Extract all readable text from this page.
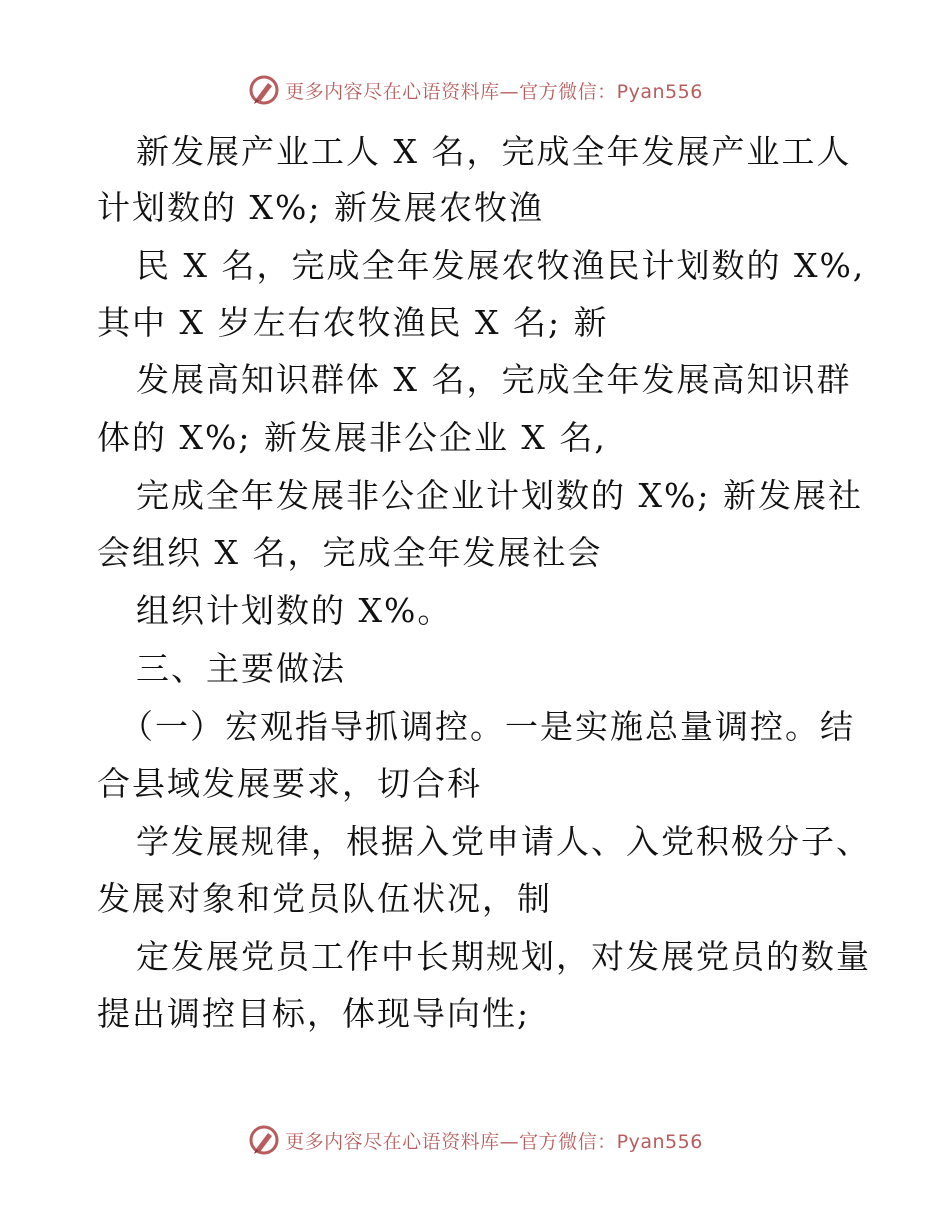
更多内容尽在心语资料库—官方微信：Pyan556
新发展产业工人 X 名，完成全年发展产业工人
计划数的 X%; 新发展农牧渔
民 X 名，完成全年发展农牧渔民计划数的 X%,
其中 X 岁左右农牧渔民 X 名; 新
发展高知识群体 X 名，完成全年发展高知识群
体的 X%; 新发展非公企业 X 名,
完成全年发展非公企业计划数的 X%; 新发展社
会组织 X 名，完成全年发展社会
组织计划数的 X%。
三、主要做法
（一）宏观指导抓调控。一是实施总量调控。结
合县域发展要求，切合科
学发展规律，根据入党申请人、入党积极分子、
发展对象和党员队伍状况，制
定发展党员工作中长期规划，对发展党员的数量
提出调控目标，体现导向性;
更多内容尽在心语资料库—官方微信：Pyan556
